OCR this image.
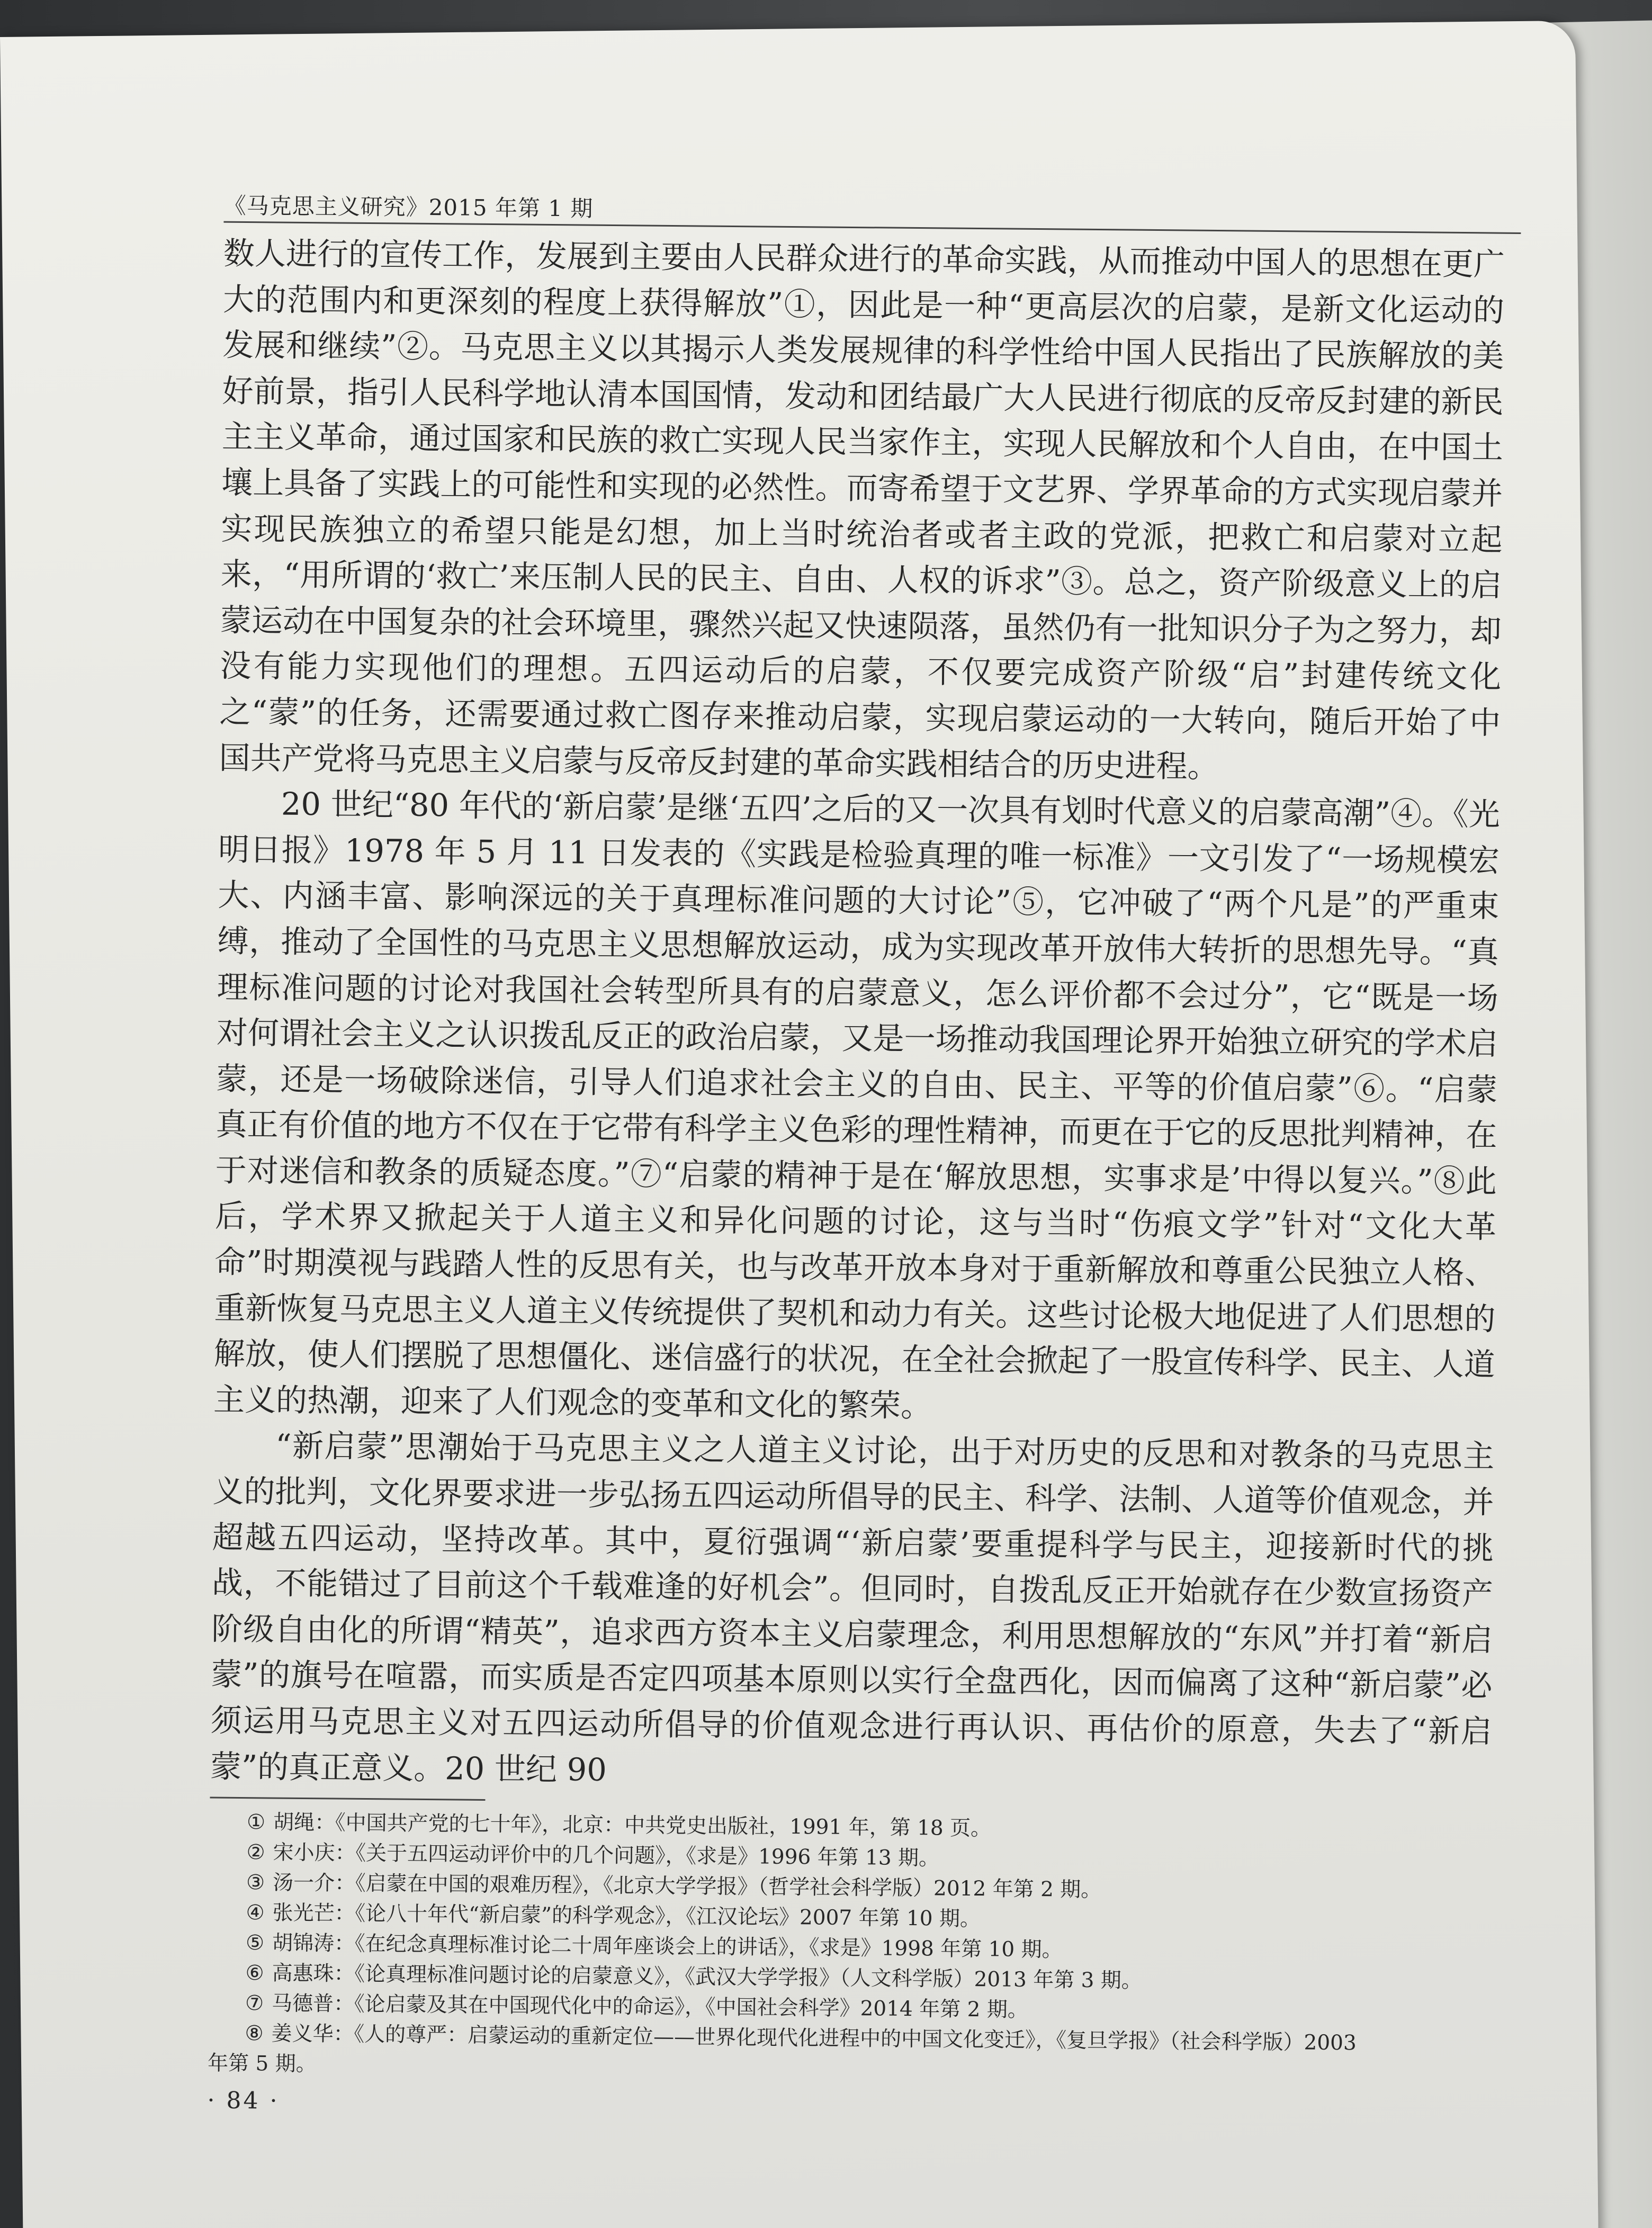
《马克思主义研究》2015 年第 1 期

数人进行的宣传工作，发展到主要由人民群众进行的革命实践，从而推动中国人的思想在更广大的范围内和更深刻的程度上获得解放”①，因此是一种“更高层次的启蒙，是新文化运动的发展和继续”②。马克思主义以其揭示人类发展规律的科学性给中国人民指出了民族解放的美好前景，指引人民科学地认清本国国情，发动和团结最广大人民进行彻底的反帝反封建的新民主主义革命，通过国家和民族的救亡实现人民当家作主，实现人民解放和个人自由，在中国土壤上具备了实践上的可能性和实现的必然性。而寄希望于文艺界、学界革命的方式实现启蒙并实现民族独立的希望只能是幻想，加上当时统治者或者主政的党派，把救亡和启蒙对立起来，“用所谓的‘救亡’来压制人民的民主、自由、人权的诉求”③。总之，资产阶级意义上的启蒙运动在中国复杂的社会环境里，骤然兴起又快速陨落，虽然仍有一批知识分子为之努力，却没有能力实现他们的理想。五四运动后的启蒙，不仅要完成资产阶级“启”封建传统文化之“蒙”的任务，还需要通过救亡图存来推动启蒙，实现启蒙运动的一大转向，随后开始了中国共产党将马克思主义启蒙与反帝反封建的革命实践相结合的历史进程。

20 世纪“80 年代的‘新启蒙’是继‘五四’之后的又一次具有划时代意义的启蒙高潮”④。《光明日报》1978 年 5 月 11 日发表的《实践是检验真理的唯一标准》一文引发了“一场规模宏大、内涵丰富、影响深远的关于真理标准问题的大讨论”⑤，它冲破了“两个凡是”的严重束缚，推动了全国性的马克思主义思想解放运动，成为实现改革开放伟大转折的思想先导。“真理标准问题的讨论对我国社会转型所具有的启蒙意义，怎么评价都不会过分”，它“既是一场对何谓社会主义之认识拨乱反正的政治启蒙，又是一场推动我国理论界开始独立研究的学术启蒙，还是一场破除迷信，引导人们追求社会主义的自由、民主、平等的价值启蒙”⑥。“启蒙真正有价值的地方不仅在于它带有科学主义色彩的理性精神，而更在于它的反思批判精神，在于对迷信和教条的质疑态度。”⑦“启蒙的精神于是在‘解放思想，实事求是’中得以复兴。”⑧此后，学术界又掀起关于人道主义和异化问题的讨论，这与当时“伤痕文学”针对“文化大革命”时期漠视与践踏人性的反思有关，也与改革开放本身对于重新解放和尊重公民独立人格、重新恢复马克思主义人道主义传统提供了契机和动力有关。这些讨论极大地促进了人们思想的解放，使人们摆脱了思想僵化、迷信盛行的状况，在全社会掀起了一股宣传科学、民主、人道主义的热潮，迎来了人们观念的变革和文化的繁荣。

“新启蒙”思潮始于马克思主义之人道主义讨论，出于对历史的反思和对教条的马克思主义的批判，文化界要求进一步弘扬五四运动所倡导的民主、科学、法制、人道等价值观念，并超越五四运动，坚持改革。其中，夏衍强调“‘新启蒙’要重提科学与民主，迎接新时代的挑战，不能错过了目前这个千载难逢的好机会”。但同时，自拨乱反正开始就存在少数宣扬资产阶级自由化的所谓“精英”，追求西方资本主义启蒙理念，利用思想解放的“东风”并打着“新启蒙”的旗号在喧嚣，而实质是否定四项基本原则以实行全盘西化，因而偏离了这种“新启蒙”必须运用马克思主义对五四运动所倡导的价值观念进行再认识、再估价的原意，失去了“新启蒙”的真正意义。20 世纪 90

① 胡绳：《中国共产党的七十年》，北京：中共党史出版社，1991 年，第 18 页。

② 宋小庆：《关于五四运动评价中的几个问题》，《求是》1996 年第 13 期。

③ 汤一介：《启蒙在中国的艰难历程》，《北京大学学报》（哲学社会科学版）2012 年第 2 期。

④ 张光芒：《论八十年代“新启蒙”的科学观念》，《江汉论坛》2007 年第 10 期。

⑤ 胡锦涛：《在纪念真理标准讨论二十周年座谈会上的讲话》，《求是》1998 年第 10 期。

⑥ 高惠珠：《论真理标准问题讨论的启蒙意义》，《武汉大学学报》（人文科学版）2013 年第 3 期。

⑦ 马德普：《论启蒙及其在中国现代化中的命运》，《中国社会科学》2014 年第 2 期。

⑧ 姜义华：《人的尊严：启蒙运动的重新定位——世界化现代化进程中的中国文化变迁》，《复旦学报》（社会科学版）2003

年第 5 期。

· 84 ·
